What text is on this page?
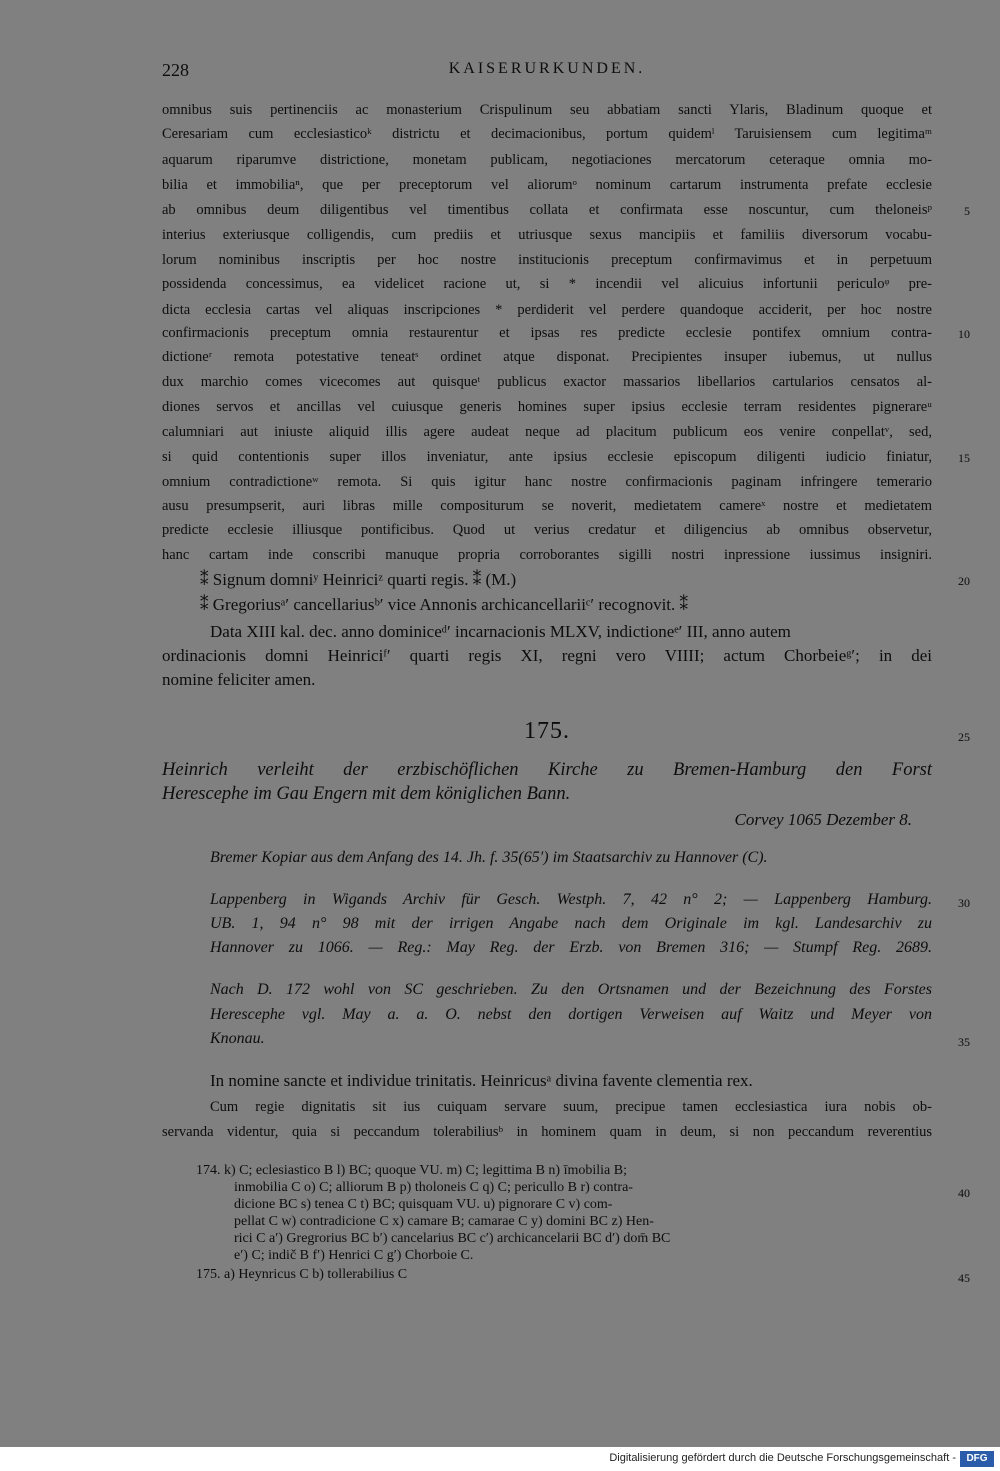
228	KAISERURKUNDEN.
omnibus suis pertinenciis ac monasterium Crispulinum seu abbatiam sancti Ylaris, Bladinum quoque et
Ceresariam cum ecclesiasticoᵏ districtu et decimacionibus, portum quidemˡ Taruisiensem cum legitimaᵐ
aquarum riparumve districtione, monetam publicam, negotiaciones mercatorum ceteraque omnia mo-
bilia et immobiliaⁿ, que per preceptorum vel aliorumᵒ nominum cartarum instrumenta prefate ecclesie
ab omnibus deum diligentibus vel timentibus collata et confirmata esse noscuntur, cum theloneisᵖ
interius exteriusque colligendis, cum prediis et utriusque sexus mancipiis et familiis diversorum vocabu-
lorum nominibus inscriptis per hoc nostre institucionis preceptum confirmavimus et in perpetuum
possidenda concessimus, ea videlicet racione ut, si * incendii vel alicuius infortunii periculoᵠ pre-
dicta ecclesia cartas vel aliquas inscripciones * perdiderit vel perdere quandoque acciderit, per hoc nostre
confirmacionis preceptum omnia restaurentur et ipsas res predicte ecclesie pontifex omnium contra-
dictioneʳ remota potestative teneatˢ ordinet atque disponat. Precipientes insuper iubemus, ut nullus
dux marchio comes vicecomes aut quisqueᵗ publicus exactor massarios libellarios cartularios censatos al-
diones servos et ancillas vel cuiusque generis homines super ipsius ecclesie terram residentes pignerareᵘ
calumniari aut iniuste aliquid illis agere audeat neque ad placitum publicum eos venire conpellatᵛ, sed,
si quid contentionis super illos inveniatur, ante ipsius ecclesie episcopum diligenti iudicio finiatur,
omnium contradictioneʷ remota. Si quis igitur hanc nostre confirmacionis paginam infringere temerario
ausu presumpserit, auri libras mille compositurum se noverit, medietatem camereˣ nostre et medietatem
predicte ecclesie illiusque pontificibus. Quod ut verius credatur et diligencius ab omnibus observetur,
hanc cartam inde conscribi manuque propria corroborantes sigilli nostri inpressione iussimus insigniri.
⁑ Signum domniʸ Heinriciᶻ quarti regis. ⁑ (M.)
⁑ Gregoriusᵃ′ cancellariusᵇ′ vice Annonis archicancellariiᶜ′ recognovit. ⁑
Data XIII kal. dec. anno dominiceᵈ′ incarnacionis MLXV, indictioneᵉ′ III, anno autem
ordinacionis domni Heinriciᶠ′ quarti regis XI, regni vero VIIII; actum Chorbeieᵍ′; in dei
nomine feliciter amen.
175.
Heinrich verleiht der erzbischöflichen Kirche zu Bremen-Hamburg den Forst
Herescephe im Gau Engern mit dem königlichen Bann.
Corvey 1065 Dezember 8.
Bremer Kopiar aus dem Anfang des 14. Jh. f. 35(65′) im Staatsarchiv zu Hannover (C).
Lappenberg in Wigands Archiv für Gesch. Westph. 7, 42 n° 2; — Lappenberg Hamburg.
UB. 1, 94 n° 98 mit der irrigen Angabe nach dem Originale im kgl. Landesarchiv zu
Hannover zu 1066. — Reg.: May Reg. der Erzb. von Bremen 316; — Stumpf Reg. 2689.
Nach D. 172 wohl von SC geschrieben. Zu den Ortsnamen und der Bezeichnung des Forstes
Herescephe vgl. May a. a. O. nebst den dortigen Verweisen auf Waitz und Meyer von
Knonau.
In nomine sancte et individue trinitatis. Heinricusᵃ divina favente clementia rex.
Cum regie dignitatis sit ius cuiquam servare suum, precipue tamen ecclesiastica iura nobis ob-
servanda videntur, quia si peccandum tolerabiliusᵇ in hominem quam in deum, si non peccandum reverentius
174. k) C; eclesiastico B l) BC; quoque VU. m) C; legittima B n) īmobilia B;
inmobilia C o) C; alliorum B p) tholoneis C q) C; pericullo B r) contra-
dicione BC s) tenea C t) BC; quisquam VU. u) pignorare C v) com-
pellat C w) contradicione C x) camare B; camarae C y) domini BC z) Hen-
rici C a′) Gregrorius BC b′) cancelarius BC c′) archicancelarii BC d′) dom̄ BC
e′) C; indič B f′) Henrici C g′) Chorboie C.
175. a) Heynricus C b) tollerabilius C
5
10
15
20
25
30
35
40
45
Digitalisierung gefördert durch die Deutsche Forschungsgemeinschaft -	DFG
